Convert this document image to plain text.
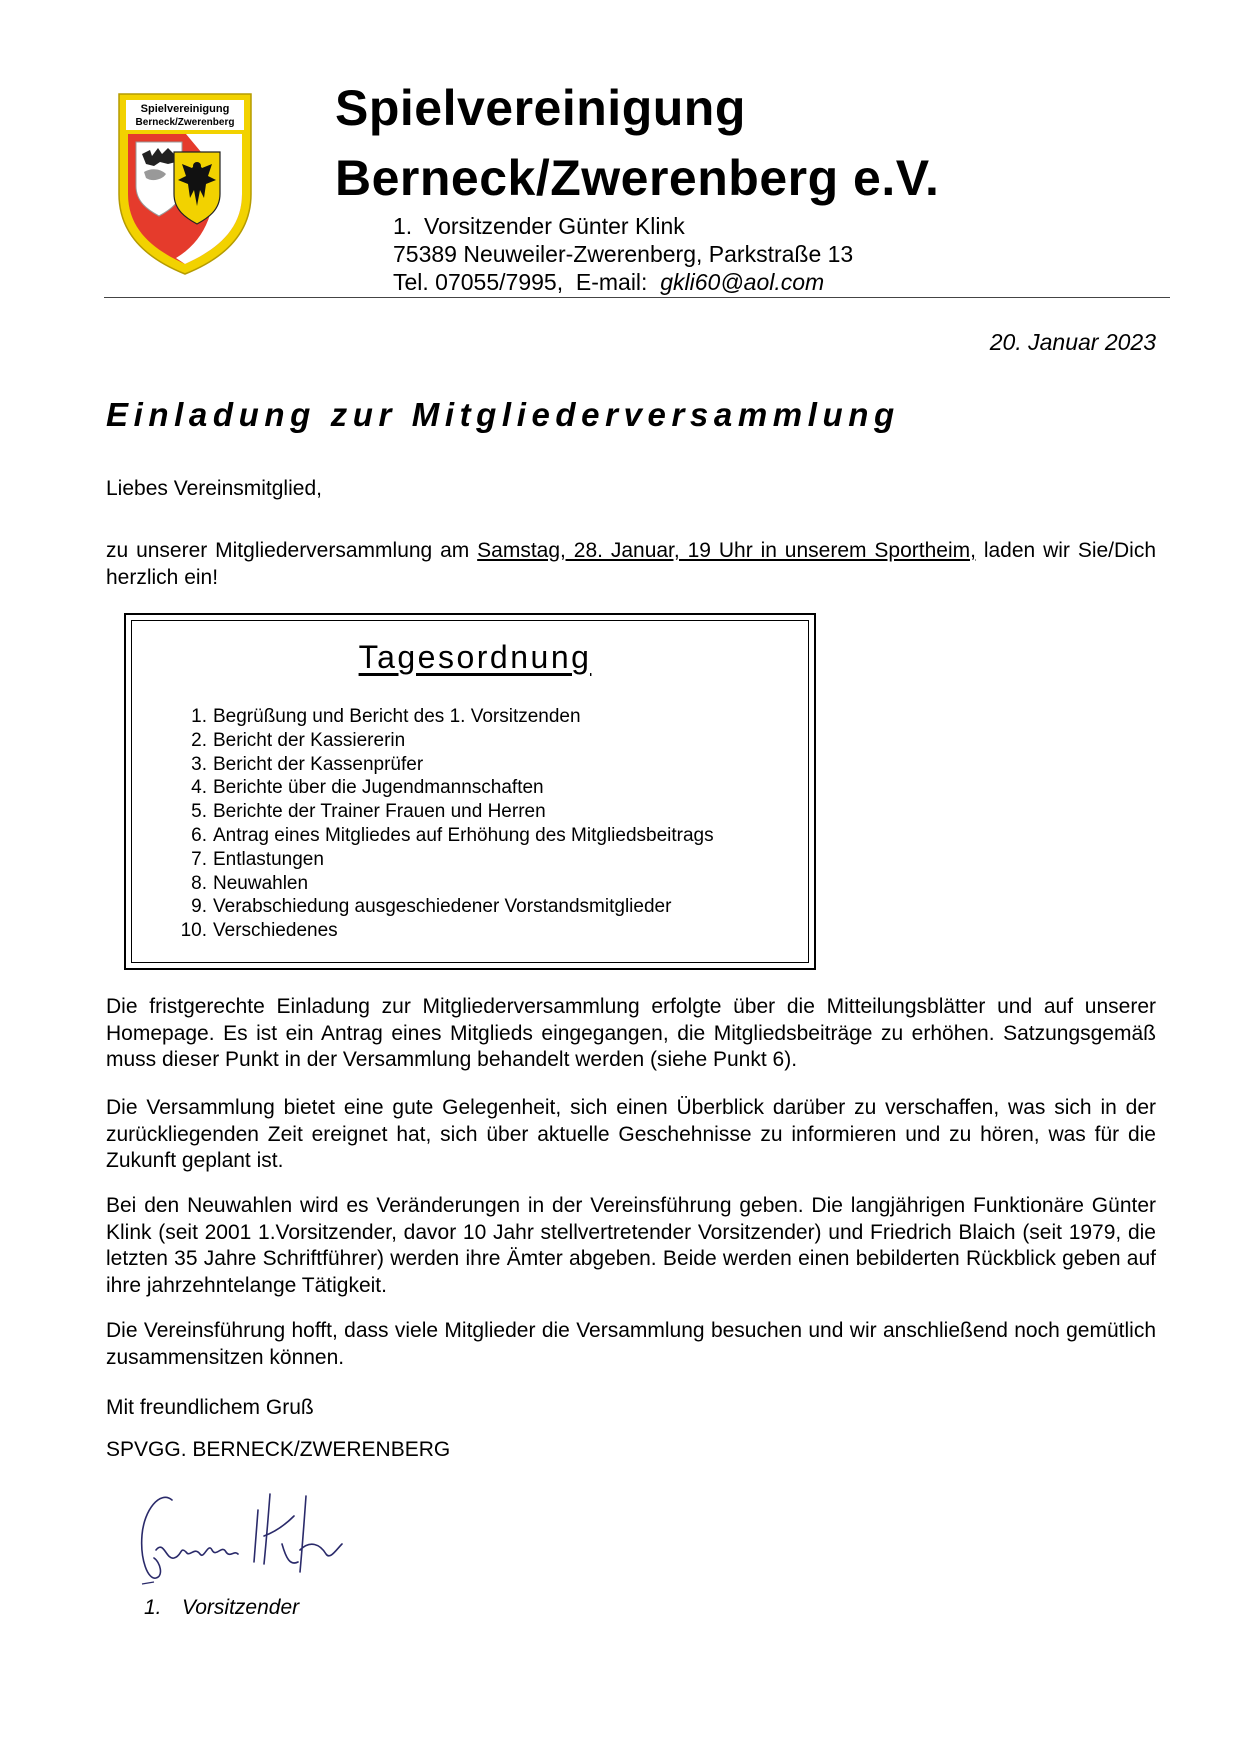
Spielvereinigung
Berneck/Zwerenberg Spielvereinigung
Berneck/Zwerenberg e.V.
1. Vorsitzender Günter Klink
75389 Neuweiler-Zwerenberg, Parkstraße 13
Tel. 07055/7995,  E-mail:  gkli60@aol.com
20. Januar 2023
Einladung zur Mitgliederversammlung

Liebes Vereinsmitglied,

zu unserer Mitgliederversammlung am Samstag, 28. Januar, 19 Uhr in unserem Sportheim, laden wir Sie/Dich herzlich ein!

Tagesordnung
1. Begrüßung und Bericht des 1. Vorsitzenden
2. Bericht der Kassiererin
3. Bericht der Kassenprüfer
4. Berichte über die Jugendmannschaften
5. Berichte der Trainer Frauen und Herren
6. Antrag eines Mitgliedes auf Erhöhung des Mitgliedsbeitrags
7. Entlastungen
8. Neuwahlen
9. Verabschiedung ausgeschiedener Vorstandsmitglieder
10. Verschiedenes

Die fristgerechte Einladung zur Mitgliederversammlung erfolgte über die Mitteilungsblätter und auf unserer Homepage. Es ist ein Antrag eines Mitglieds eingegangen, die Mitgliedsbeiträge zu erhöhen. Satzungsgemäß muss dieser Punkt in der Versammlung behandelt werden (siehe Punkt 6).

Die Versammlung bietet eine gute Gelegenheit, sich einen Überblick darüber zu verschaffen, was sich in der zurückliegenden Zeit ereignet hat, sich über aktuelle Geschehnisse zu informieren und zu hören, was für die Zukunft geplant ist.

Bei den Neuwahlen wird es Veränderungen in der Vereinsführung geben. Die langjährigen Funktionäre Günter Klink (seit 2001 1.Vorsitzender, davor 10 Jahr stellvertretender Vorsitzender) und Friedrich Blaich (seit 1979, die letzten 35 Jahre Schriftführer) werden ihre Ämter abgeben. Beide werden einen bebilderten Rückblick geben auf ihre jahrzehntelange Tätigkeit.

Die Vereinsführung hofft, dass viele Mitglieder die Versammlung besuchen und wir anschließend noch gemütlich zusammensitzen können.

Mit freundlichem Gruß

SPVGG. BERNECK/ZWERENBERG

1. Vorsitzender
